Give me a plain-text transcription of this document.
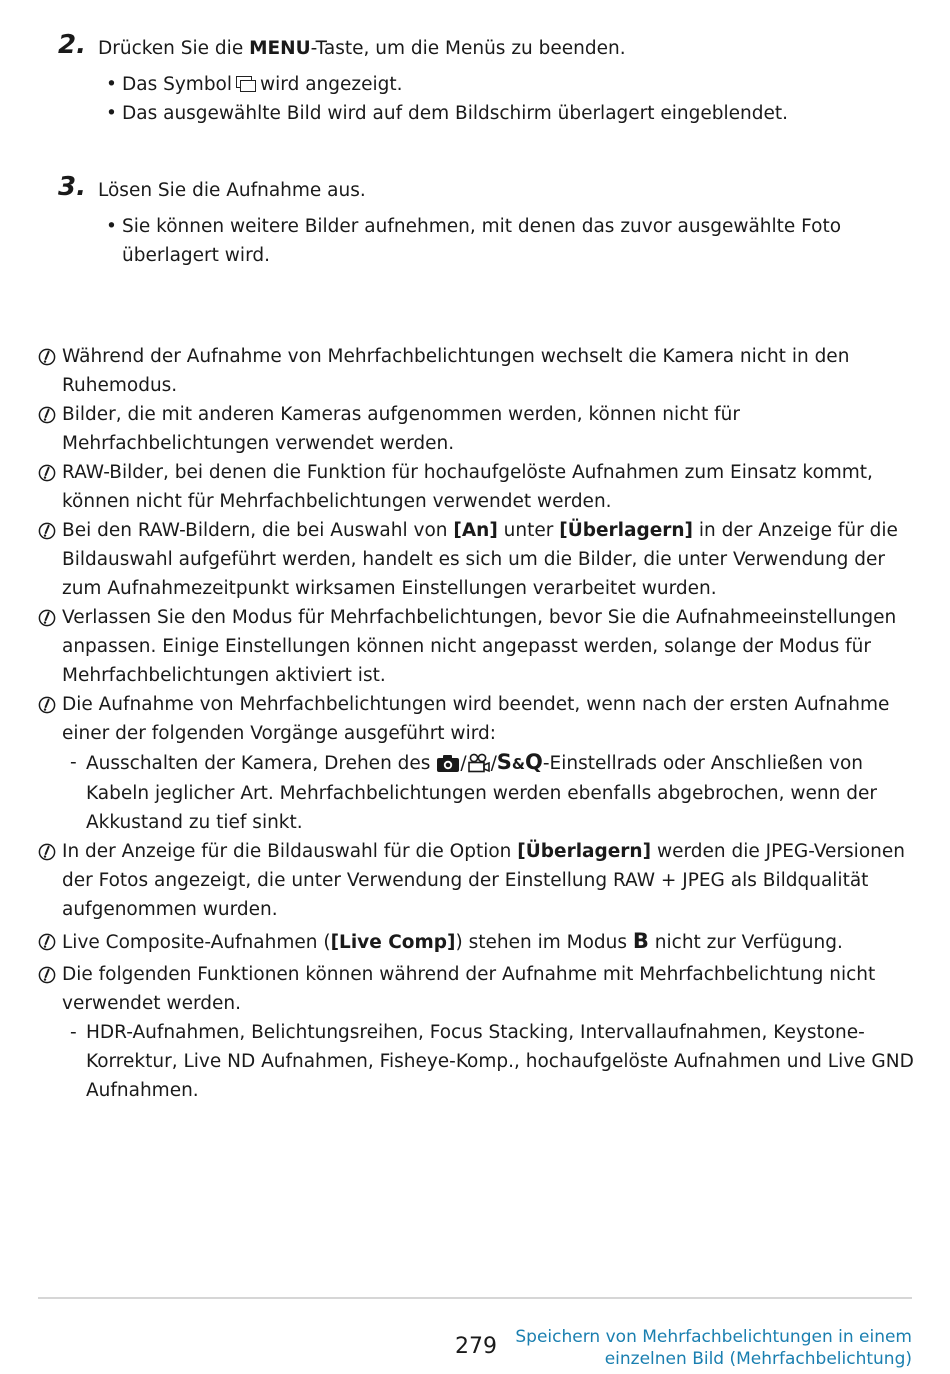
2. Drücken Sie die MENU-Taste, um die Menüs zu beenden.
• Das Symbol wird angezeigt.
• Das ausgewählte Bild wird auf dem Bildschirm überlagert eingeblendet.
3. Lösen Sie die Aufnahme aus.
• Sie können weitere Bilder aufnehmen, mit denen das zuvor ausgewählte Foto überlagert wird.
Während der Aufnahme von Mehrfachbelichtungen wechselt die Kamera nicht in den Ruhemodus.
Bilder, die mit anderen Kameras aufgenommen werden, können nicht für Mehrfachbelichtungen verwendet werden.
RAW-Bilder, bei denen die Funktion für hochaufgelöste Aufnahmen zum Einsatz kommt, können nicht für Mehrfachbelichtungen verwendet werden.
Bei den RAW-Bildern, die bei Auswahl von [An] unter [Überlagern] in der Anzeige für die Bildauswahl aufgeführt werden, handelt es sich um die Bilder, die unter Verwendung der zum Aufnahmezeitpunkt wirksamen Einstellungen verarbeitet wurden.
Verlassen Sie den Modus für Mehrfachbelichtungen, bevor Sie die Aufnahmeeinstellungen anpassen. Einige Einstellungen können nicht angepasst werden, solange der Modus für Mehrfachbelichtungen aktiviert ist.
Die Aufnahme von Mehrfachbelichtungen wird beendet, wenn nach der ersten Aufnahme einer der folgenden Vorgänge ausgeführt wird:
- Ausschalten der Kamera, Drehen des / /S&Q-Einstellrads oder Anschließen von Kabeln jeglicher Art. Mehrfachbelichtungen werden ebenfalls abgebrochen, wenn der Akkustand zu tief sinkt.
In der Anzeige für die Bildauswahl für die Option [Überlagern] werden die JPEG-Versionen der Fotos angezeigt, die unter Verwendung der Einstellung RAW + JPEG als Bildqualität aufgenommen wurden.
Live Composite-Aufnahmen ([Live Comp]) stehen im Modus B nicht zur Verfügung.
Die folgenden Funktionen können während der Aufnahme mit Mehrfachbelichtung nicht verwendet werden.
- HDR-Aufnahmen, Belichtungsreihen, Focus Stacking, Intervallaufnahmen, Keystone-Korrektur, Live ND Aufnahmen, Fisheye-Komp., hochaufgelöste Aufnahmen und Live GND Aufnahmen.
279 Speichern von Mehrfachbelichtungen in einem
einzelnen Bild (Mehrfachbelichtung)
